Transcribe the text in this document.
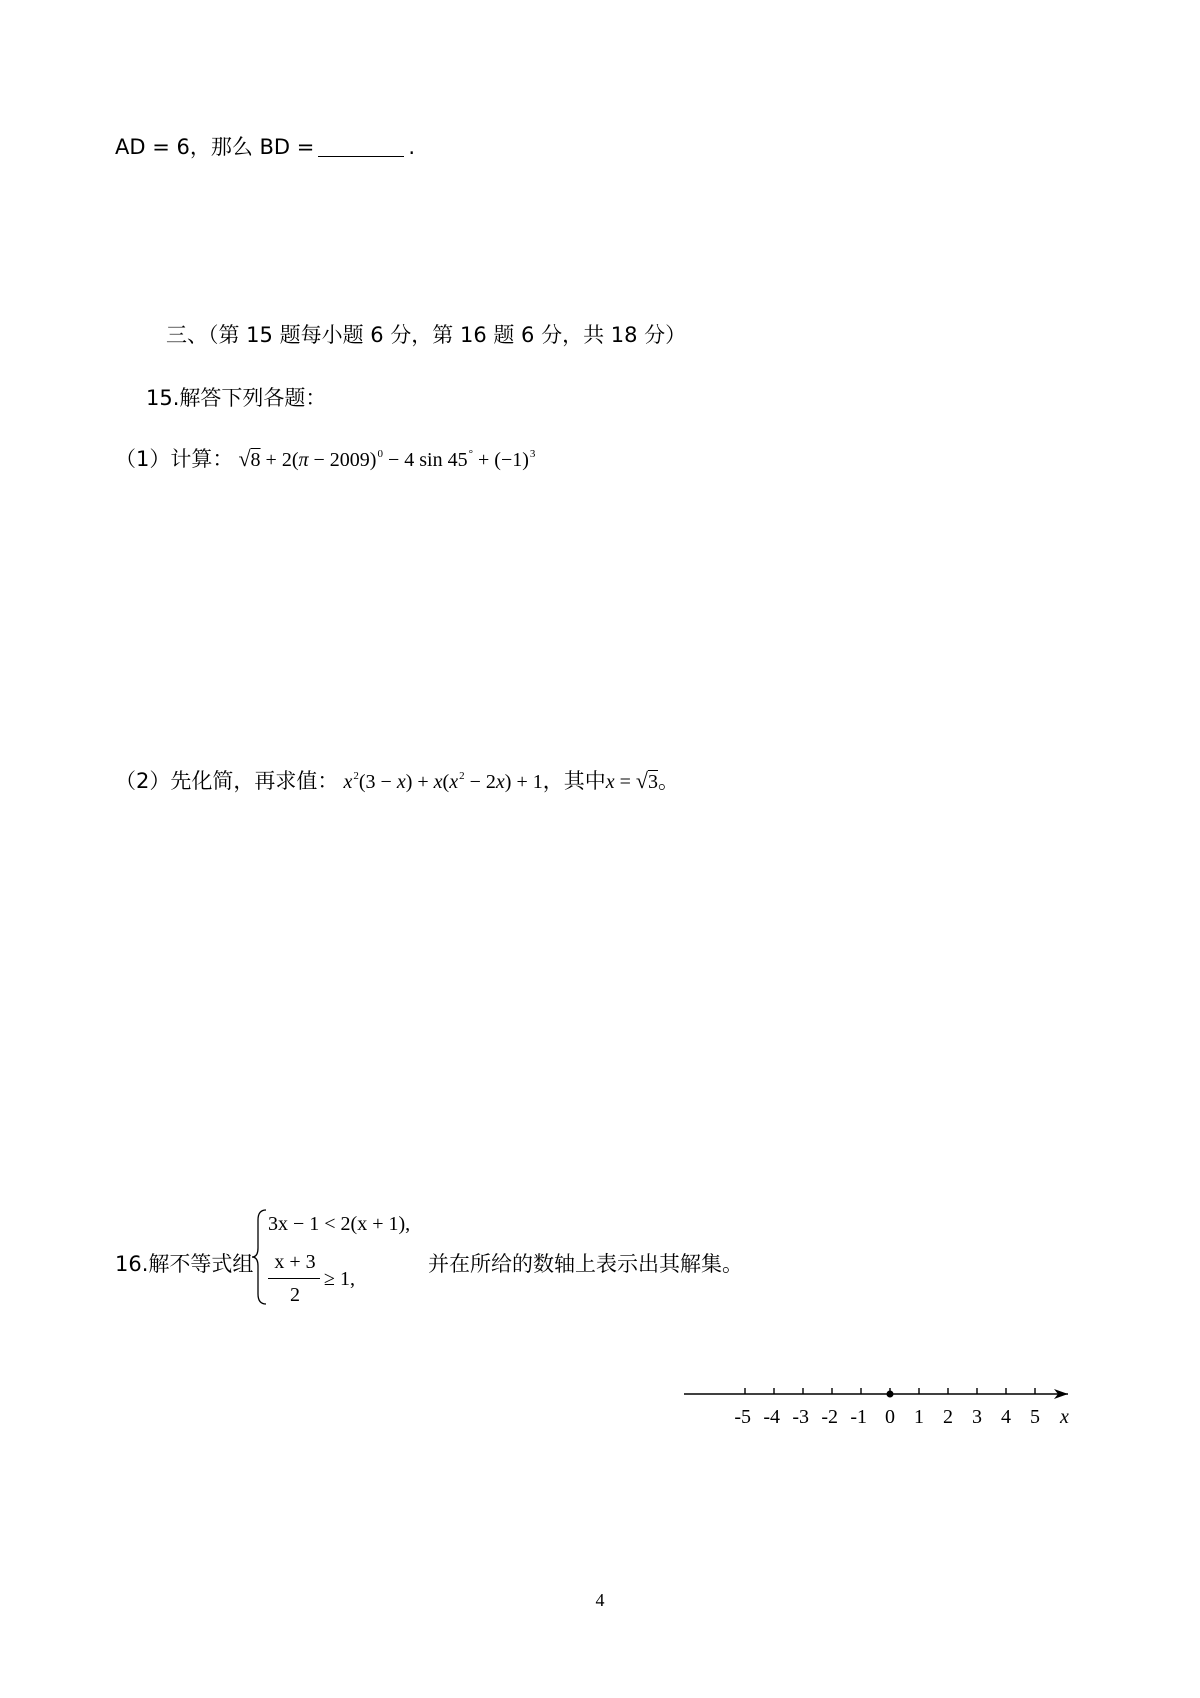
AD = 6，那么 BD =	.
三、（第 15 题每小题 6 分，第 16 题 6 分，共 18 分）
15.解答下列各题：
（1）计算： $√8 + 2(\pi - 2009)^0 - 4$ $\sin 45^\circ + (-1)^3$
（2）先化简，再求值： $x^2(3 - x) + x(x^2 - 2x) + 1$，其中x = √3。
16.解不等式组
3x − 1 < 2(x + 1),
x + 3
2
≥ 1,
并在所给的数轴上表示出其解集。
-5 -4 -3 -2 -1 0 1 2 3 4 5 x
4
